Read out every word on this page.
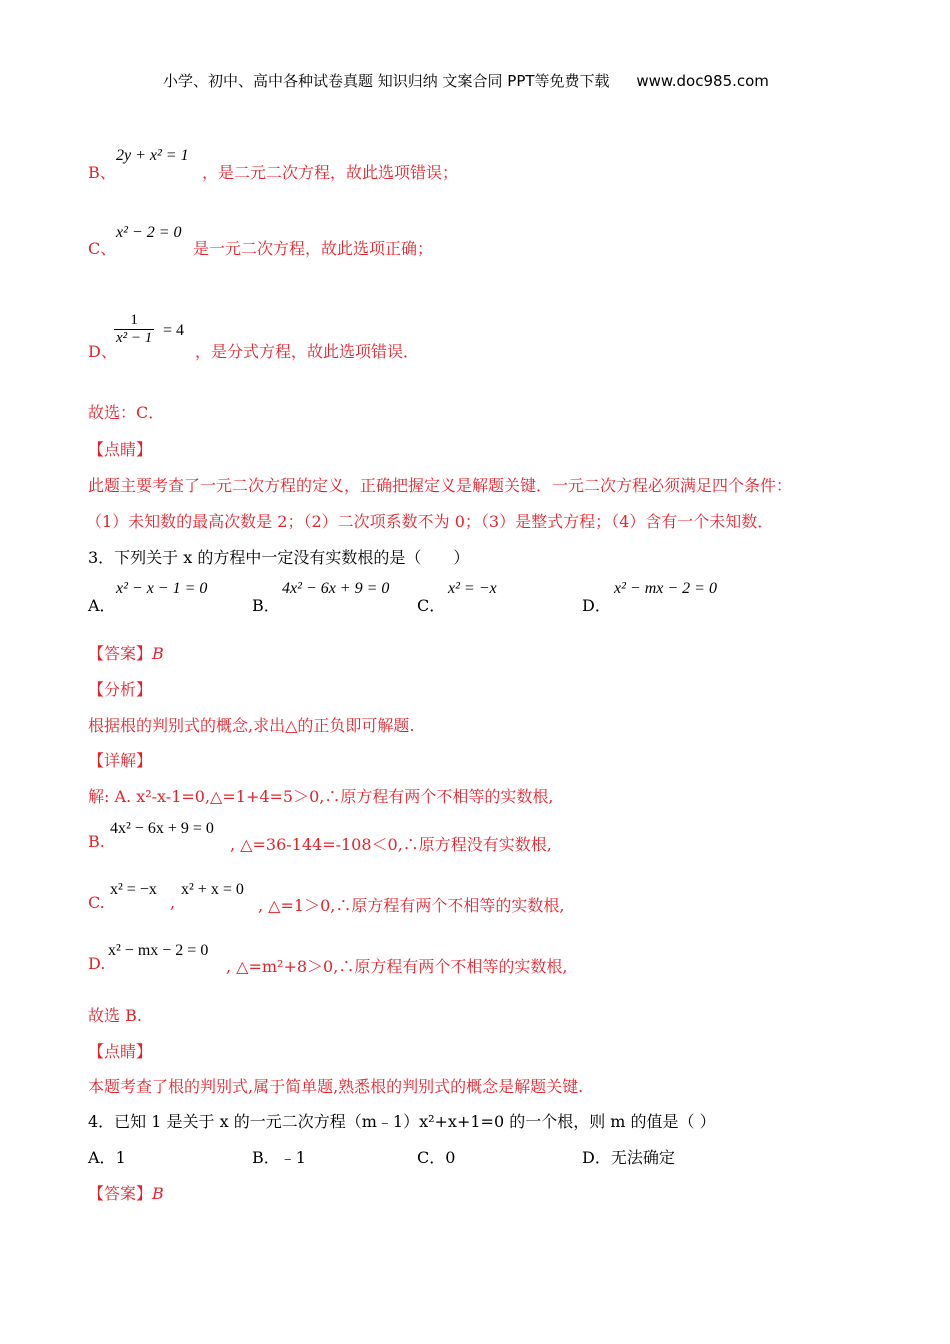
小学、初中、高中各种试卷真题 知识归纳 文案合同 PPT等免费下载 www.doc985.com
B、
2y + x² = 1
，是二元二次方程，故此选项错误；
C、
x² − 2 = 0
是一元二次方程，故此选项正确；
D、
$\frac{1}{\text{x² − 1}} = 4$
，是分式方程，故此选项错误．
故选：C．
【点睛】
此题主要考查了一元二次方程的定义，正确把握定义是解题关键．一元二次方程必须满足四个条件：
（1）未知数的最高次数是 2；（2）二次项系数不为 0；（3）是整式方程；（4）含有一个未知数．
3．下列关于 x 的方程中一定没有实数根的是（　　）
A．
x² − x − 1 = 0
B．
4x² − 6x + 9 = 0
C．
x² = −x
D．
x² − mx − 2 = 0
【答案】B
【分析】
根据根的判别式的概念,求出△的正负即可解题.
【详解】
解: A. x²-x-1=0,△=1+4=5＞0,∴原方程有两个不相等的实数根,
B.
4x² − 6x + 9 = 0
, △=36-144=-108＜0,∴原方程没有实数根,
C.
x² = −x
,
x² + x = 0
, △=1＞0,∴原方程有两个不相等的实数根,
D.
x² − mx − 2 = 0
, △=m²+8＞0,∴原方程有两个不相等的实数根,
故选 B.
【点睛】
本题考查了根的判别式,属于简单题,熟悉根的判别式的概念是解题关键.
4．已知 1 是关于 x 的一元二次方程（m﹣1）x²+x+1=0 的一个根，则 m 的值是（ ）
A．1	B．﹣1	C．0	D．无法确定
【答案】B
